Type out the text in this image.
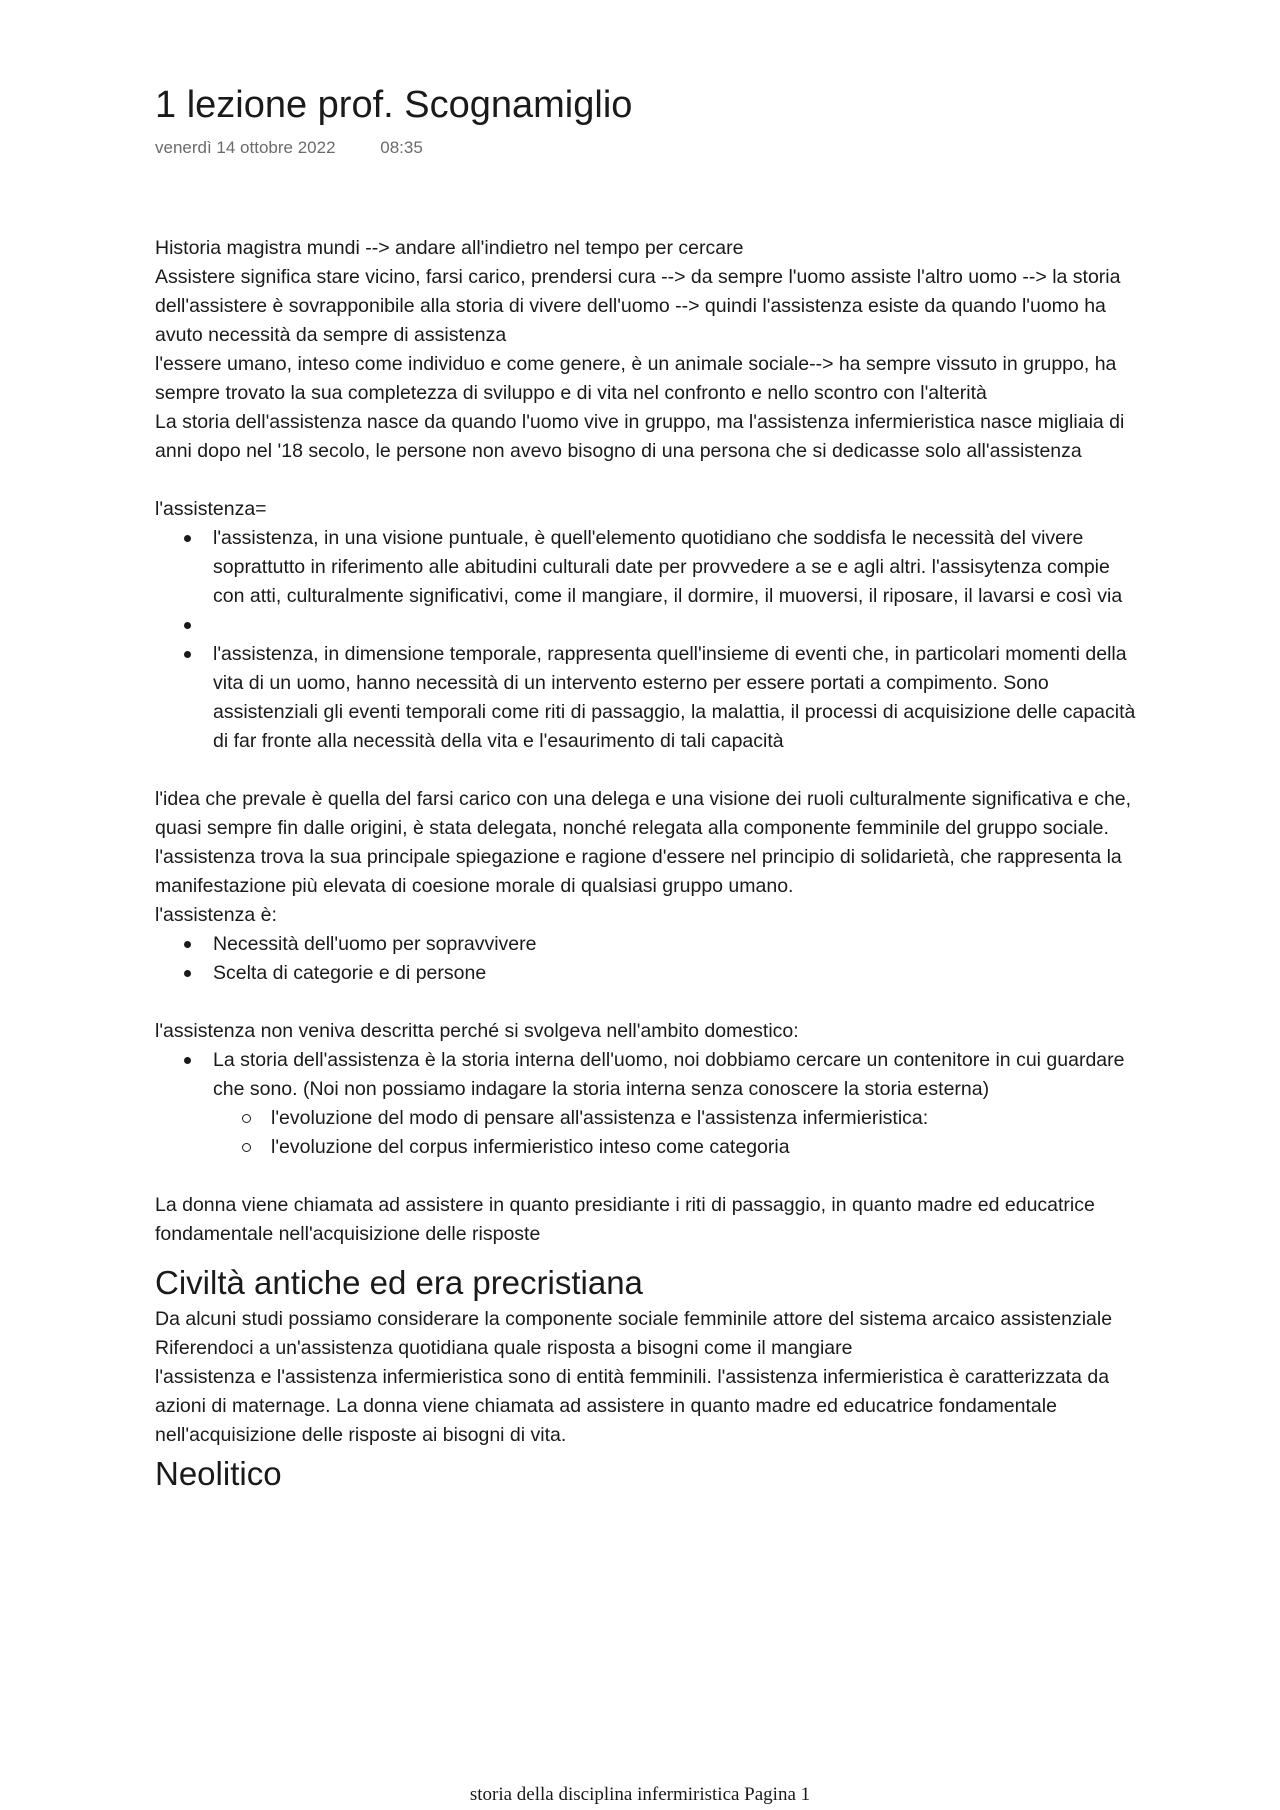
1 lezione prof. Scognamiglio
venerdì 14 ottobre 2022	08:35

Historia magistra mundi --> andare all'indietro nel tempo per cercare

Assistere significa stare vicino, farsi carico, prendersi cura --> da sempre l'uomo assiste l'altro uomo --> la storia dell'assistere è sovrapponibile alla storia di vivere dell'uomo --> quindi l'assistenza esiste da quando l'uomo ha avuto necessità da sempre di assistenza

l'essere umano, inteso come individuo e come genere, è un animale sociale--> ha sempre vissuto in gruppo, ha sempre trovato la sua completezza di sviluppo e di vita nel confronto e nello scontro con l'alterità

La storia dell'assistenza nasce da quando l'uomo vive in gruppo, ma l'assistenza infermieristica nasce migliaia di anni dopo nel '18 secolo, le persone non avevo bisogno di una persona che si dedicasse solo all'assistenza

l'assistenza=

l'assistenza, in una visione puntuale, è quell'elemento quotidiano che soddisfa le necessità del vivere soprattutto in riferimento alle abitudini culturali date per provvedere a se e agli altri. l'assisytenza compie con atti, culturalmente significativi, come il mangiare, il dormire, il muoversi, il riposare, il lavarsi e così via
l'assistenza, in dimensione temporale, rappresenta quell'insieme di eventi che, in particolari momenti della vita di un uomo, hanno necessità di un intervento esterno per essere portati a compimento. Sono assistenziali gli eventi temporali come riti di passaggio, la malattia, il processi di acquisizione delle capacità di far fronte alla necessità della vita e l'esaurimento di tali capacità

l'idea che prevale è quella del farsi carico con una delega e una visione dei ruoli culturalmente significativa e che, quasi sempre fin dalle origini, è stata delegata, nonché relegata alla componente femminile del gruppo sociale.

l'assistenza trova la sua principale spiegazione e ragione d'essere nel principio di solidarietà, che rappresenta la manifestazione più elevata di coesione morale di qualsiasi gruppo umano.

l'assistenza è:

Necessità dell'uomo per sopravvivere
Scelta di categorie e di persone

l'assistenza non veniva descritta perché si svolgeva nell'ambito domestico:

La storia dell'assistenza è la storia interna dell'uomo, noi dobbiamo cercare un contenitore in cui guardare che sono. (Noi non possiamo indagare la storia interna senza conoscere la storia esterna)
l'evoluzione del modo di pensare all'assistenza e l'assistenza infermieristica:
l'evoluzione del corpus infermieristico inteso come categoria

La donna viene chiamata ad assistere in quanto presidiante i riti di passaggio, in quanto madre ed educatrice fondamentale nell'acquisizione delle risposte

Civiltà antiche ed era precristiana

Da alcuni studi possiamo considerare la componente sociale femminile attore del sistema arcaico assistenziale

Riferendoci a un'assistenza quotidiana quale risposta a bisogni come il mangiare

l'assistenza e l'assistenza infermieristica sono di entità femminili. l'assistenza infermieristica è caratterizzata da azioni di maternage. La donna viene chiamata ad assistere in quanto madre ed educatrice fondamentale nell'acquisizione delle risposte ai bisogni di vita.

Neolitico
storia della disciplina infermiristica Pagina 1
